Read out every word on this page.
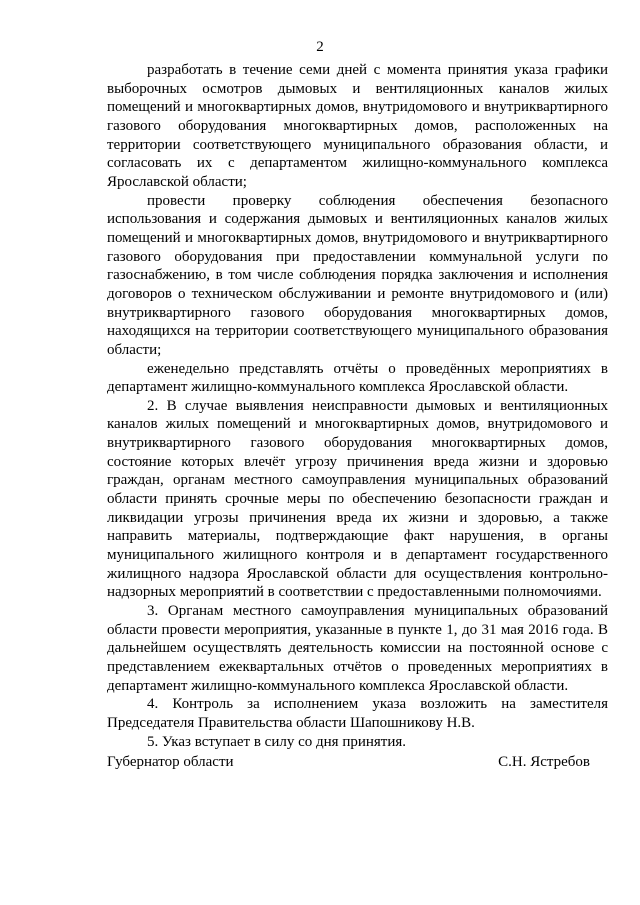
2

разработать в течение семи дней с момента принятия указа графики выборочных осмотров дымовых и вентиляционных каналов жилых помещений и многоквартирных домов, внутридомового и внутриквартирного газового оборудования многоквартирных домов, расположенных на территории соответствующего муниципального образования области, и согласовать их с департаментом жилищно-коммунального комплекса Ярославской области;

провести проверку соблюдения обеспечения безопасного использования и содержания дымовых и вентиляционных каналов жилых помещений и многоквартирных домов, внутридомового и внутриквартирного газового оборудования при предоставлении коммунальной услуги по газоснабжению, в том числе соблюдения порядка заключения и исполнения договоров о техническом обслуживании и ремонте внутридомового и (или) внутриквартирного газового оборудования многоквартирных домов, находящихся на территории соответствующего муниципального образования области;

еженедельно представлять отчёты о проведённых мероприятиях в департамент жилищно-коммунального комплекса Ярославской области.

2. В случае выявления неисправности дымовых и вентиляционных каналов жилых помещений и многоквартирных домов, внутридомового и внутриквартирного газового оборудования многоквартирных домов, состояние которых влечёт угрозу причинения вреда жизни и здоровью граждан, органам местного самоуправления муниципальных образований области принять срочные меры по обеспечению безопасности граждан и ликвидации угрозы причинения вреда их жизни и здоровью, а также направить материалы, подтверждающие факт нарушения, в органы муниципального жилищного контроля и в департамент государственного жилищного надзора Ярославской области для осуществления контрольно-надзорных мероприятий в соответствии с предоставленными полномочиями.

3. Органам местного самоуправления муниципальных образований области провести мероприятия, указанные в пункте 1, до 31 мая 2016 года. В дальнейшем осуществлять деятельность комиссии на постоянной основе с представлением ежеквартальных отчётов о проведенных мероприятиях в департамент жилищно-коммунального комплекса Ярославской области.

4. Контроль за исполнением указа возложить на заместителя Председателя Правительства области Шапошникову Н.В.

5. Указ вступает в силу со дня принятия.

Губернатор области	С.Н. Ястребов
